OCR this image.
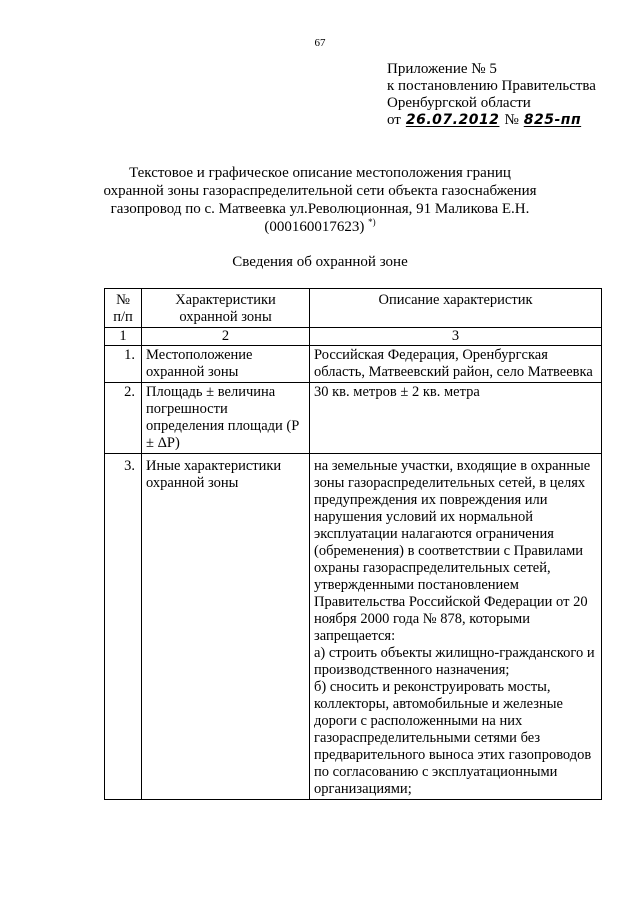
67
Приложение № 5
к постановлению Правительства
Оренбургской области
от 26.07.2012 № 825-пп
Текстовое и графическое описание местоположения границ
охранной зоны газораспределительной сети объекта газоснабжения
газопровод по с. Матвеевка ул.Революционная, 91 Маликова Е.Н.
(000160017623) *)
Сведения об охранной зоне
№ п/п	Характеристики охранной зоны	Описание характеристик
1	2	3
1.	Местоположение охранной зоны	Российская Федерация, Оренбургская область, Матвеевский район, село Матвеевка
2.	Площадь ± величина погрешности определения площади (Р ± ΔР)	30 кв. метров ± 2 кв. метра
3.	Иные характеристики охранной зоны	на земельные участки, входящие в охранные зоны газораспределительных сетей, в целях предупреждения их повреждения или нарушения условий их нормальной эксплуатации налагаются ограничения (обременения) в соответствии с Правилами охраны газораспределительных сетей, утвержденными постановлением Правительства Российской Федерации от 20 ноября 2000 года № 878, которыми запрещается:
а) строить объекты жилищно-гражданского и производственного назначения;
б) сносить и реконструировать мосты, коллекторы, автомобильные и железные дороги с расположенными на них газораспределительными сетями без предварительного выноса этих газопроводов по согласованию с эксплуатационными организациями;
